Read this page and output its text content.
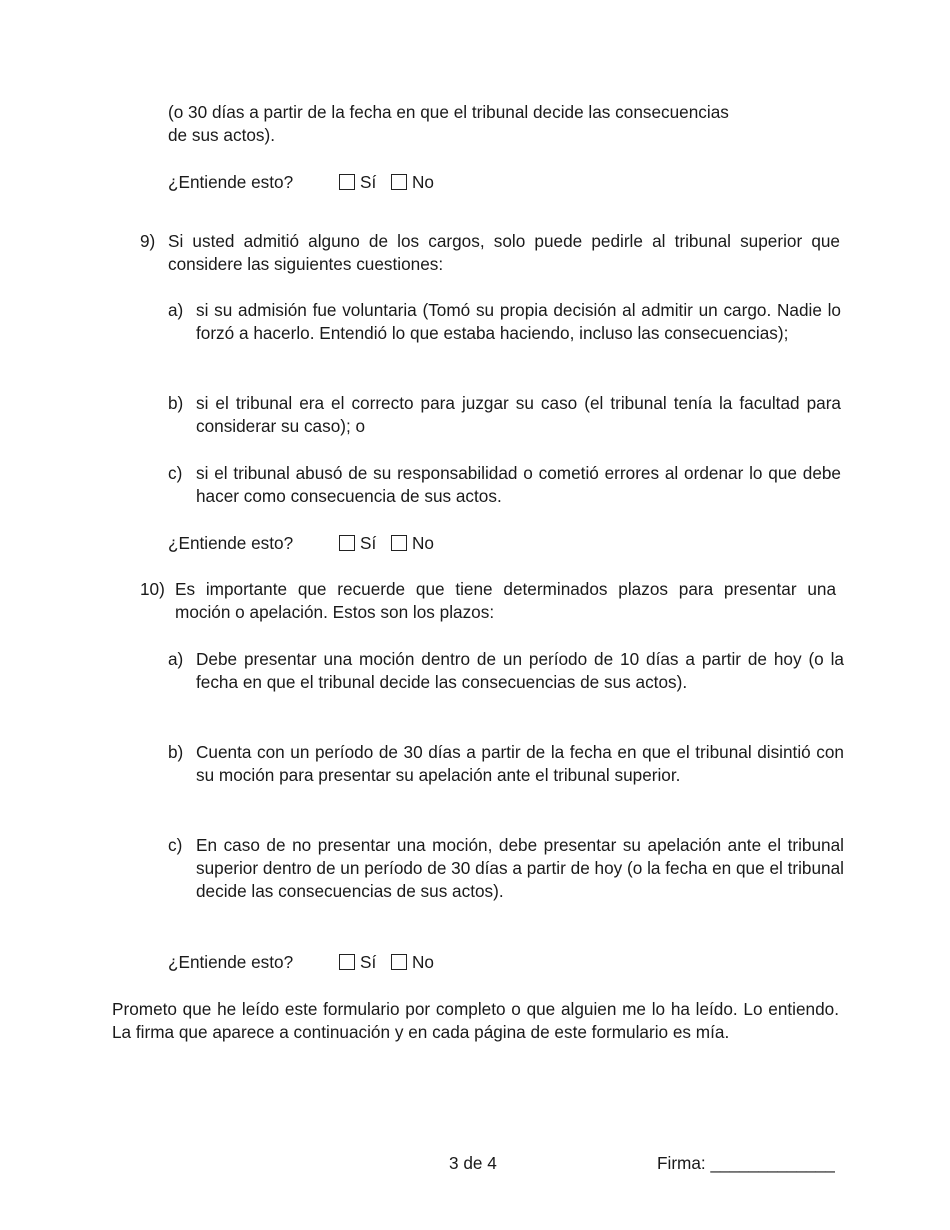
(o 30 días a partir de la fecha en que el tribunal decide las consecuencias
de sus actos).
¿Entiende esto?	Sí	No
9) Si usted admitió alguno de los cargos, solo puede pedirle al tribunal superior que considere las siguientes cuestiones:
a) si su admisión fue voluntaria (Tomó su propia decisión al admitir un cargo. Nadie lo forzó a hacerlo. Entendió lo que estaba haciendo, incluso las consecuencias);
b) si el tribunal era el correcto para juzgar su caso (el tribunal tenía la facultad para considerar su caso); o
c) si el tribunal abusó de su responsabilidad o cometió errores al ordenar lo que debe hacer como consecuencia de sus actos.
¿Entiende esto?	Sí	No
10) Es importante que recuerde que tiene determinados plazos para presentar una moción o apelación. Estos son los plazos:
a) Debe presentar una moción dentro de un período de 10 días a partir de hoy (o la fecha en que el tribunal decide las consecuencias de sus actos).
b) Cuenta con un período de 30 días a partir de la fecha en que el tribunal disintió con su moción para presentar su apelación ante el tribunal superior.
c) En caso de no presentar una moción, debe presentar su apelación ante el tribunal superior dentro de un período de 30 días a partir de hoy (o la fecha en que el tribunal decide las consecuencias de sus actos).
¿Entiende esto?	Sí	No
Prometo que he leído este formulario por completo o que alguien me lo ha leído. Lo entiendo. La firma que aparece a continuación y en cada página de este formulario es mía.
3 de 4	Firma: _____________
